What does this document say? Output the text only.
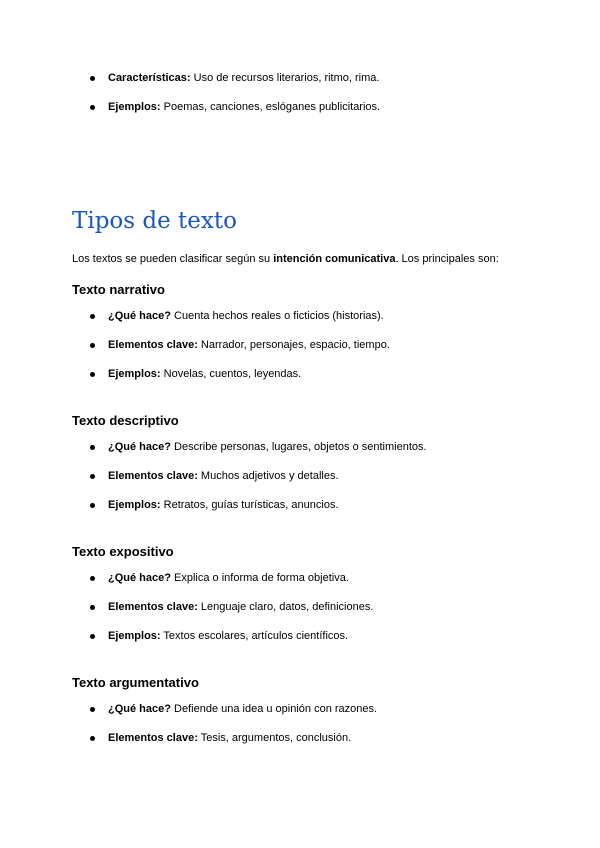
Características: Uso de recursos literarios, ritmo, rima.
Ejemplos: Poemas, canciones, eslóganes publicitarios.
Tipos de texto

Los textos se pueden clasificar según su intención comunicativa. Los principales son:

Texto narrativo
¿Qué hace? Cuenta hechos reales o ficticios (historias).
Elementos clave: Narrador, personajes, espacio, tiempo.
Ejemplos: Novelas, cuentos, leyendas.
Texto descriptivo
¿Qué hace? Describe personas, lugares, objetos o sentimientos.
Elementos clave: Muchos adjetivos y detalles.
Ejemplos: Retratos, guías turísticas, anuncios.
Texto expositivo
¿Qué hace? Explica o informa de forma objetiva.
Elementos clave: Lenguaje claro, datos, definiciones.
Ejemplos: Textos escolares, artículos científicos.
Texto argumentativo
¿Qué hace? Defiende una idea u opinión con razones.
Elementos clave: Tesis, argumentos, conclusión.
